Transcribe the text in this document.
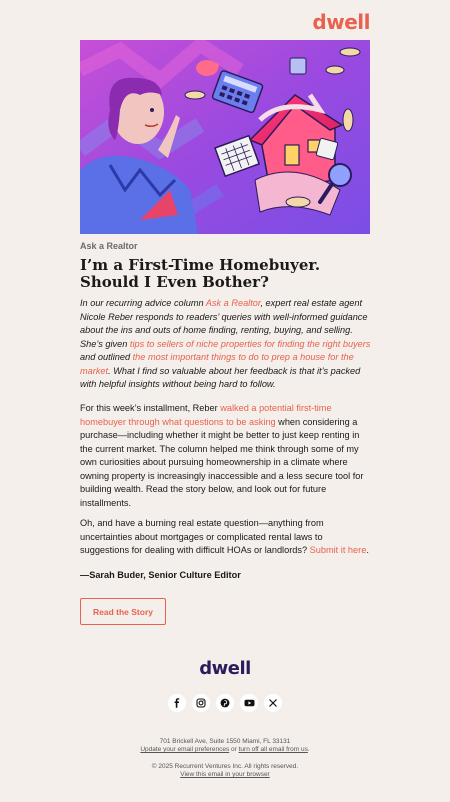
dwell
Ask a Realtor
I’m a First-Time Homebuyer. Should I Even Bother?

In our recurring advice column Ask a Realtor, expert real estate agent Nicole Reber responds to readers’ queries with well-informed guidance about the ins and outs of home finding, renting, buying, and selling. She’s given tips to sellers of niche properties for finding the right buyers and outlined the most important things to do to prep a house for the market. What I find so valuable about her feedback is that it’s packed with helpful insights without being hard to follow.

For this week’s installment, Reber walked a potential first-time homebuyer through what questions to be asking when considering a purchase—including whether it might be better to just keep renting in the current market. The column helped me think through some of my own curiosities about pursuing homeownership in a climate where owning property is increasingly inaccessible and a less secure tool for building wealth. Read the story below, and look out for future installments.

Oh, and have a burning real estate question—anything from uncertainties about mortgages or complicated rental laws to suggestions for dealing with difficult HOAs or landlords? Submit it here.

—Sarah Buder, Senior Culture Editor
Read the Story
dwell
701 Brickell Ave, Suite 1550 Miami, FL 33131
Update your email preferences or turn off all email from us.
© 2025 Recurrent Ventures Inc. All rights reserved.
View this email in your browser
